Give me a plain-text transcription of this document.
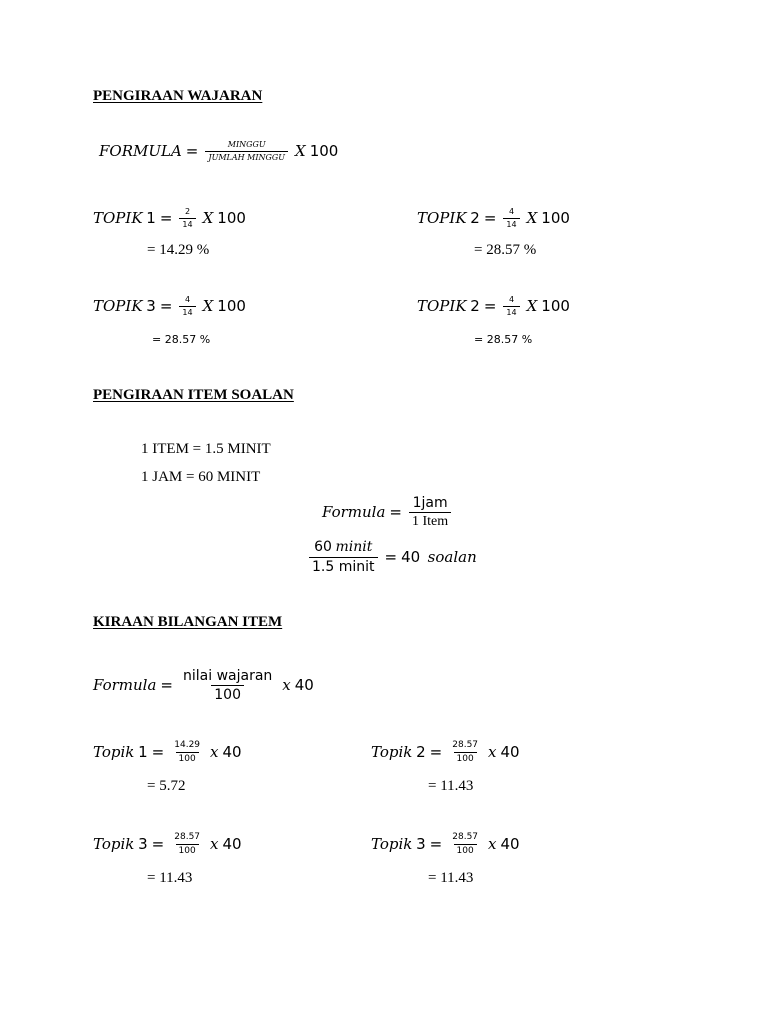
PENGIRAAN WAJARAN
FORMULA = $\frac{\text{MINGGU}}{\text{JUMLAH MINGGU}}$ X 100
TOPIK
$1 = \frac{2}{14}$ X 100
= 14.29 %
TOPIK
$2 = \frac{4}{14}$ X 100
= 28.57 %
TOPIK
$3 = \frac{4}{14}$ X 100
= 28.57 %
TOPIK
$2 = \frac{4}{14}$ X 100
= 28.57 %
PENGIRAAN ITEM SOALAN
1 ITEM = 1.5 MINIT
1 JAM = 60 MINIT
Formula = $\frac{\text{1jam}}{\text{1 Item}}$
$\frac{\text{60 minit}}{\text{1.5 minit}} = 40$
soalan
KIRAAN BILANGAN ITEM
Formula = $\frac{\text{nilai wajaran}}{100}$ x 40
Topik
$1 = \frac{14.29}{100}$ x 40
= 5.72
Topik
$2 = \frac{28.57}{100}$ x 40
= 11.43
Topik
$3 = \frac{28.57}{100}$ x 40
= 11.43
Topik
$3 = \frac{28.57}{100}$ x 40
= 11.43
